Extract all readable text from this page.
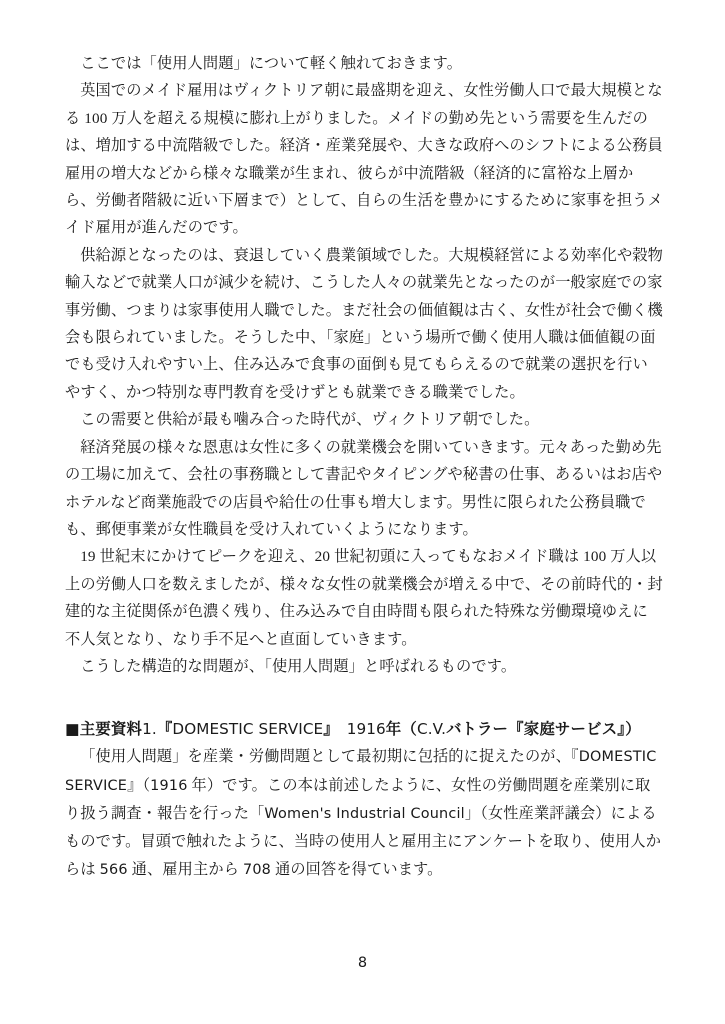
ここでは「使用人問題」について軽く触れておきます。

英国でのメイド雇用はヴィクトリア朝に最盛期を迎え、女性労働人口で最大規模となる 100 万人を超える規模に膨れ上がりました。メイドの勤め先という需要を生んだのは、増加する中流階級でした。経済・産業発展や、大きな政府へのシフトによる公務員雇用の増大などから様々な職業が生まれ、彼らが中流階級（経済的に富裕な上層から、労働者階級に近い下層まで）として、自らの生活を豊かにするために家事を担うメイド雇用が進んだのです。

供給源となったのは、衰退していく農業領域でした。大規模経営による効率化や穀物輸入などで就業人口が減少を続け、こうした人々の就業先となったのが一般家庭での家事労働、つまりは家事使用人職でした。まだ社会の価値観は古く、女性が社会で働く機会も限られていました。そうした中、「家庭」という場所で働く使用人職は価値観の面でも受け入れやすい上、住み込みで食事の面倒も見てもらえるので就業の選択を行いやすく、かつ特別な専門教育を受けずとも就業できる職業でした。

この需要と供給が最も噛み合った時代が、ヴィクトリア朝でした。

経済発展の様々な恩恵は女性に多くの就業機会を開いていきます。元々あった勤め先の工場に加えて、会社の事務職として書記やタイピングや秘書の仕事、あるいはお店やホテルなど商業施設での店員や給仕の仕事も増大します。男性に限られた公務員職でも、郵便事業が女性職員を受け入れていくようになります。

19 世紀末にかけてピークを迎え、20 世紀初頭に入ってもなおメイド職は 100 万人以上の労働人口を数えましたが、様々な女性の就業機会が増える中で、その前時代的・封建的な主従関係が色濃く残り、住み込みで自由時間も限られた特殊な労働環境ゆえに不人気となり、なり手不足へと直面していきます。

こうした構造的な問題が、「使用人問題」と呼ばれるものです。

■主要資料1.『DOMESTIC SERVICE』　 1916年（C.V.バトラー『家庭サービス』）

「使用人問題」を産業・労働問題として最初期に包括的に捉えたのが、『DOMESTIC SERVICE』（1916 年）です。この本は前述したように、女性の労働問題を産業別に取り扱う調査・報告を行った「Women's Industrial Council」（女性産業評議会）によるものです。冒頭で触れたように、当時の使用人と雇用主にアンケートを取り、使用人からは 566 通、雇用主から 708 通の回答を得ています。

8
